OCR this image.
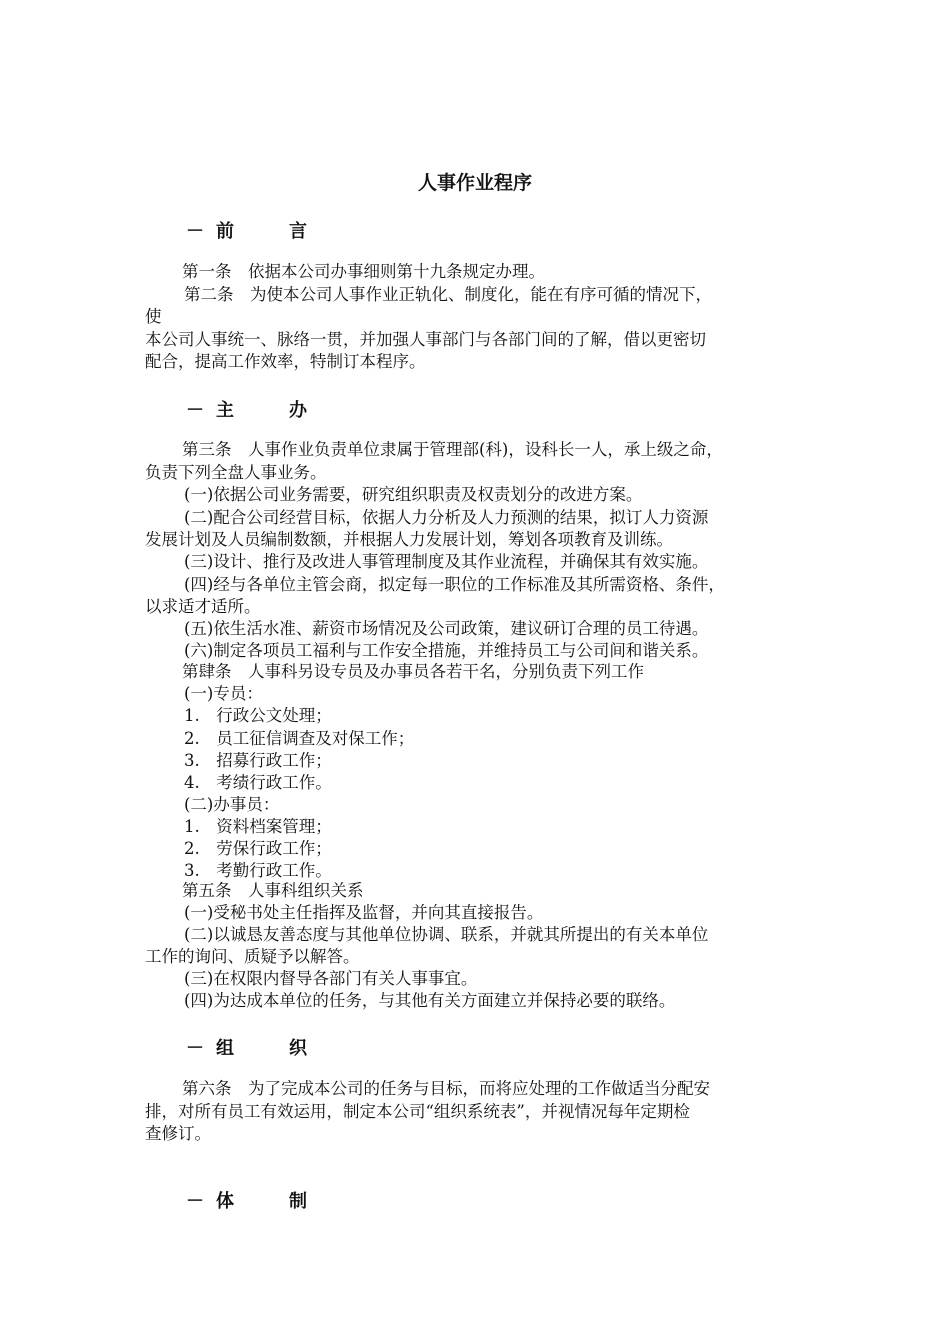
人事作业程序
－ 前	言
第一条　依据本公司办事细则第十九条规定办理。
第二条　为使本公司人事作业正轨化、制度化，能在有序可循的情况下，
使
本公司人事统一、脉络一贯，并加强人事部门与各部门间的了解，借以更密切
配合，提高工作效率，特制订本程序。
－ 主	办
第三条　人事作业负责单位隶属于管理部(科)，设科长一人，承上级之命，
负责下列全盘人事业务。
(一)依据公司业务需要，研究组织职责及权责划分的改进方案。
(二)配合公司经营目标，依据人力分析及人力预测的结果，拟订人力资源
发展计划及人员编制数额，并根据人力发展计划，筹划各项教育及训练。
(三)设计、推行及改进人事管理制度及其作业流程，并确保其有效实施。
(四)经与各单位主管会商，拟定每一职位的工作标准及其所需资格、条件，
以求适才适所。
(五)依生活水准、薪资市场情况及公司政策，建议研订合理的员工待遇。
(六)制定各项员工福利与工作安全措施，并维持员工与公司间和谐关系。
第肆条　人事科另设专员及办事员各若干名，分别负责下列工作
(一)专员：
1.　行政公文处理；
2.　员工征信调查及对保工作；
3.　招募行政工作；
4.　考绩行政工作。
(二)办事员：
1.　资料档案管理；
2.　劳保行政工作；
3.　考勤行政工作。
第五条　人事科组织关系
(一)受秘书处主任指挥及监督，并向其直接报告。
(二)以诚恳友善态度与其他单位协调、联系，并就其所提出的有关本单位
工作的询问、质疑予以解答。
(三)在权限内督导各部门有关人事事宜。
(四)为达成本单位的任务，与其他有关方面建立并保持必要的联络。
－ 组	织
第六条　为了完成本公司的任务与目标，而将应处理的工作做适当分配安
排，对所有员工有效运用，制定本公司“组织系统表”，并视情况每年定期检
查修订。
－ 体	制
